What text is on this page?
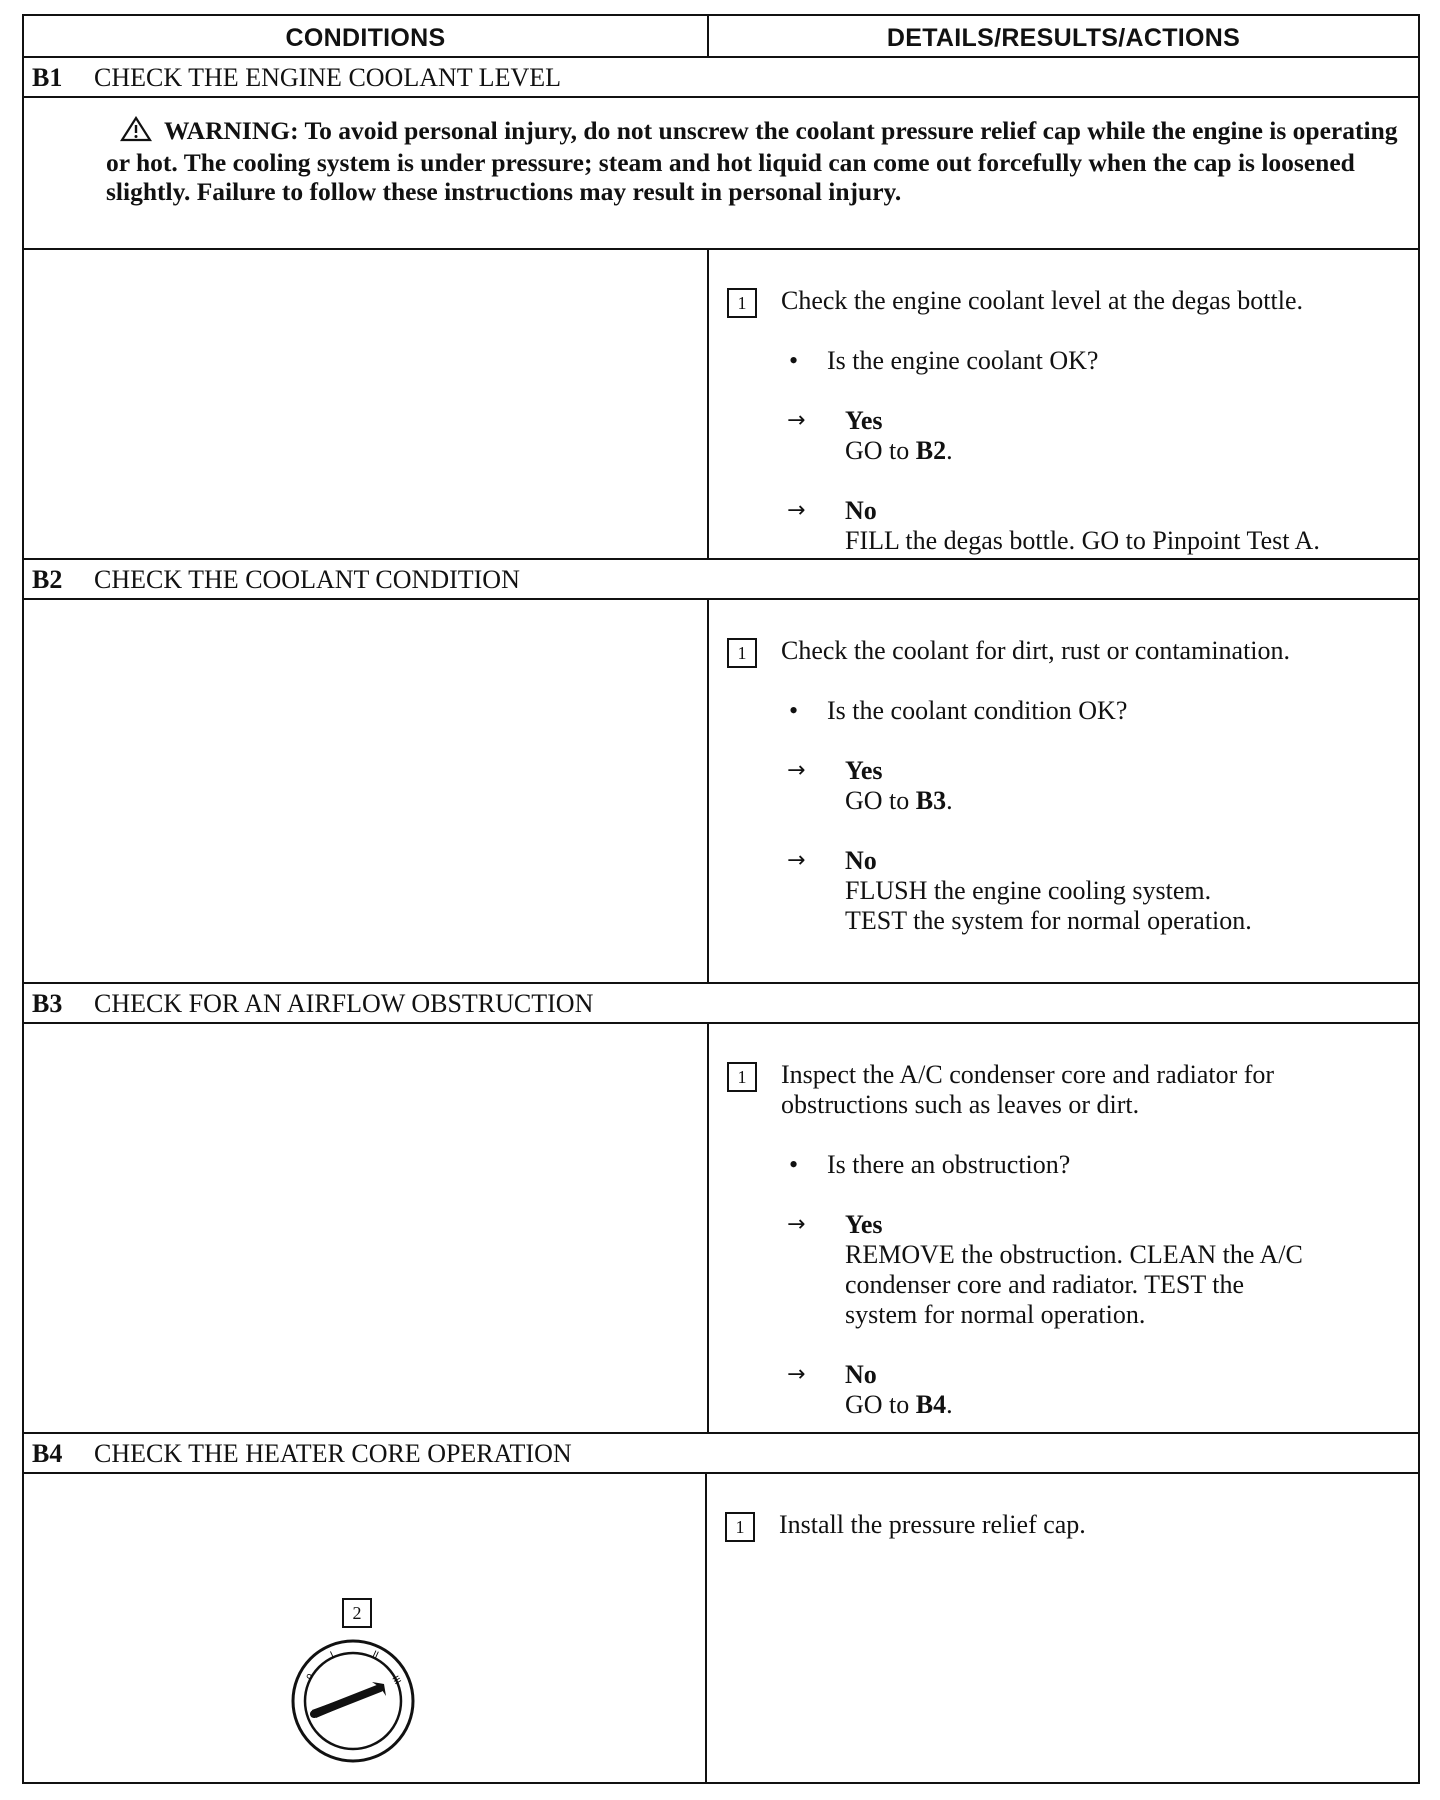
CONDITIONS	DETAILS/RESULTS/ACTIONS
B1 CHECK THE ENGINE COOLANT LEVEL
WARNING: To avoid personal injury, do not unscrew the coolant pressure relief cap while the engine is operating or hot. The cooling system is under pressure; steam and hot liquid can come out forcefully when the cap is loosened slightly. Failure to follow these instructions may result in personal injury.
1	Check the engine coolant level at the degas bottle.
• Is the engine coolant OK?
→ Yes
GO to B2.
→ No
FILL the degas bottle. GO to Pinpoint Test A.
B2 CHECK THE COOLANT CONDITION
1	Check the coolant for dirt, rust or contamination.
• Is the coolant condition OK?
→ Yes
GO to B3.
→ No
FLUSH the engine cooling system.
TEST the system for normal operation.
B3 CHECK FOR AN AIRFLOW OBSTRUCTION
1	Inspect the A/C condenser core and radiator for
obstructions such as leaves or dirt.
• Is there an obstruction?
→ Yes
REMOVE the obstruction. CLEAN the A/C
condenser core and radiator. TEST the
system for normal operation.
→ No
GO to B4.
B4 CHECK THE HEATER CORE OPERATION
2
o
I	II
III
1	Install the pressure relief cap.
